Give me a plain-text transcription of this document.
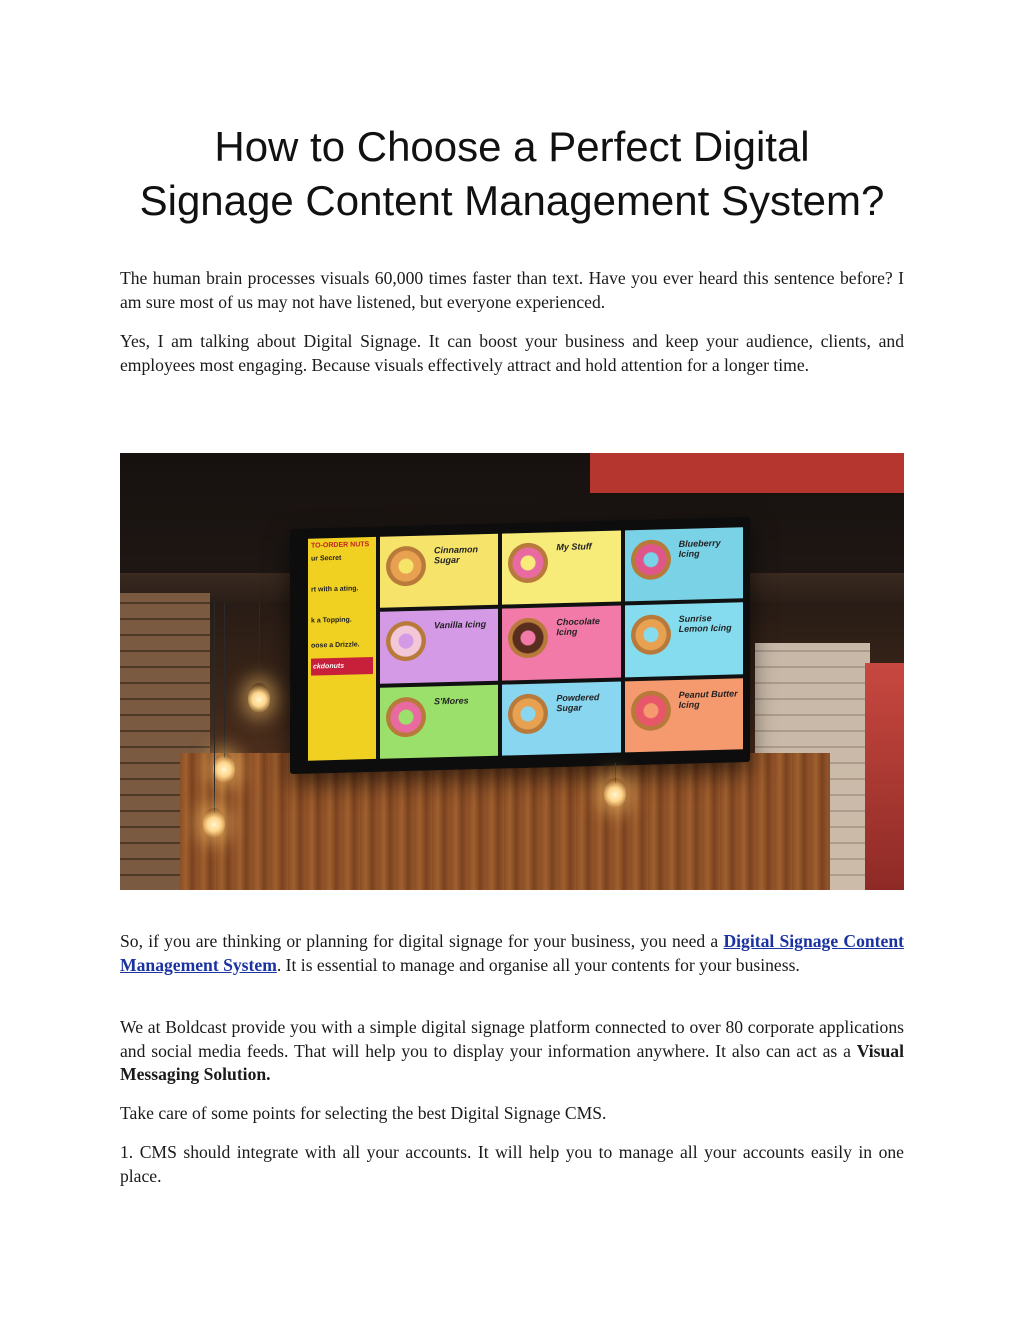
How to Choose a Perfect Digital
Signage Content Management System?

The human brain processes visuals 60,000 times faster than text. Have you ever heard this sentence before? I am sure most of us may not have listened, but everyone experienced.

Yes, I am talking about Digital Signage. It can boost your business and keep your audience, clients, and employees most engaging. Because visuals effectively attract and hold attention for a longer time.

TO-ORDER NUTS
ur Secret
rt with a ating.
k a Topping.
oose a Drizzle.
ckdonuts
Cinnamon Sugar
My Stuff	Blueberry Icing
Vanilla Icing	Chocolate Icing
Sunrise Lemon Icing
S'Mores	Powdered Sugar
Peanut Butter Icing

So, if you are thinking or planning for digital signage for your business, you need a Digital Signage Content Management System. It is essential to manage and organise all your contents for your business.

We at Boldcast provide you with a simple digital signage platform connected to over 80 corporate applications and social media feeds. That will help you to display your information anywhere. It also can act as a Visual Messaging Solution.

Take care of some points for selecting the best Digital Signage CMS.

1. CMS should integrate with all your accounts. It will help you to manage all your accounts easily in one place.
